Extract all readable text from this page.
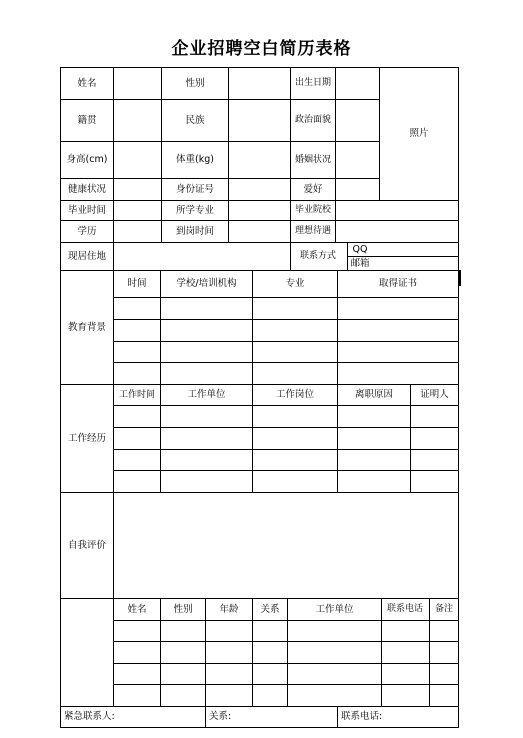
企业招聘空白简历表格
姓名	性别	出生日期
照片
籍贯	民族	政治面貌
身高(cm)	体重(kg)	婚姻状况
健康状况	身份证号	爱好
毕业时间	所学专业	毕业院校
学历	到岗时间	理想待遇
现居住地	联系方式
QQ
邮箱
教育背景
时间	学校/培训机构	专业	取得证书
工作经历
工作时间	工作单位	工作岗位	离职原因	证明人
自我评价
姓名	性别	年龄	关系	工作单位	联系电话 备注
紧急联系人:	关系:	联系电话:
